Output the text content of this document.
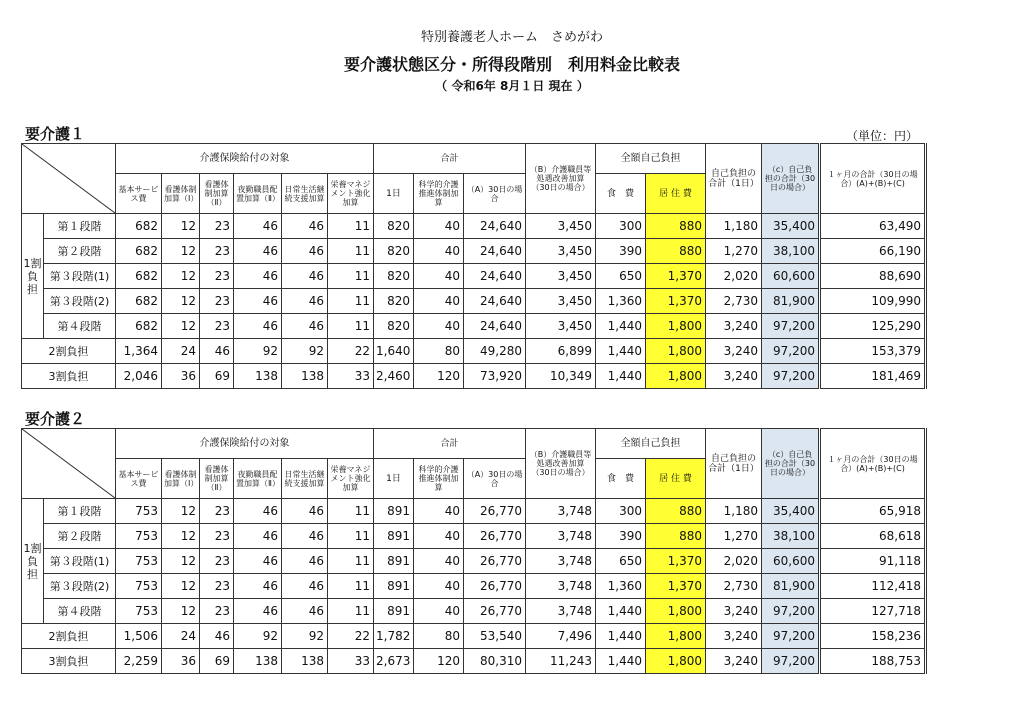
特別養護老人ホーム　さめがわ
要介護状態区分・所得段階別　利用料金比較表
（ 令和6年 8月１日 現在 ）
（単位：円）
要介護１
	介護保険給付の対象						合計			（B）介護職員等処遇改善加算（30日の場合）	全額自己負担		自己負担の合計（1日）	（c）自己負担の合計（30日の場合）	１ヶ月の合計（30日の場合）(A)+(B)+(C)
		基本サービス費	看護体制加算（Ⅰ）	看護体制加算（Ⅱ）	夜勤職員配置加算（Ⅱ）	日常生活継続支援加算	栄養マネジメント強化加算	1日	科学的介護推進体制加算	（A）30日の場合		食　費	居 住 費			
1割負担	第１段階	682	12	23	46	46	11	820	40	24,640	3,450	300	880	1,180	35,400	63,490
	第２段階	682	12	23	46	46	11	820	40	24,640	3,450	390	880	1,270	38,100	66,190
	第３段階(1)	682	12	23	46	46	11	820	40	24,640	3,450	650	1,370	2,020	60,600	88,690
	第３段階(2)	682	12	23	46	46	11	820	40	24,640	3,450	1,360	1,370	2,730	81,900	109,990
	第４段階	682	12	23	46	46	11	820	40	24,640	3,450	1,440	1,800	3,240	97,200	125,290
2割負担		1,364	24	46	92	92	22	1,640	80	49,280	6,899	1,440	1,800	3,240	97,200	153,379
3割負担		2,046	36	69	138	138	33	2,460	120	73,920	10,349	1,440	1,800	3,240	97,200	181,469
要介護２
	介護保険給付の対象						合計			（B）介護職員等処遇改善加算（30日の場合）	全額自己負担		自己負担の合計（1日）	（c）自己負担の合計（30日の場合）	１ヶ月の合計（30日の場合）(A)+(B)+(C)
		基本サービス費	看護体制加算（Ⅰ）	看護体制加算（Ⅱ）	夜勤職員配置加算（Ⅱ）	日常生活継続支援加算	栄養マネジメント強化加算	1日	科学的介護推進体制加算	（A）30日の場合		食　費	居 住 費			
1割負担	第１段階	753	12	23	46	46	11	891	40	26,770	3,748	300	880	1,180	35,400	65,918
	第２段階	753	12	23	46	46	11	891	40	26,770	3,748	390	880	1,270	38,100	68,618
	第３段階(1)	753	12	23	46	46	11	891	40	26,770	3,748	650	1,370	2,020	60,600	91,118
	第３段階(2)	753	12	23	46	46	11	891	40	26,770	3,748	1,360	1,370	2,730	81,900	112,418
	第４段階	753	12	23	46	46	11	891	40	26,770	3,748	1,440	1,800	3,240	97,200	127,718
2割負担		1,506	24	46	92	92	22	1,782	80	53,540	7,496	1,440	1,800	3,240	97,200	158,236
3割負担		2,259	36	69	138	138	33	2,673	120	80,310	11,243	1,440	1,800	3,240	97,200	188,753
